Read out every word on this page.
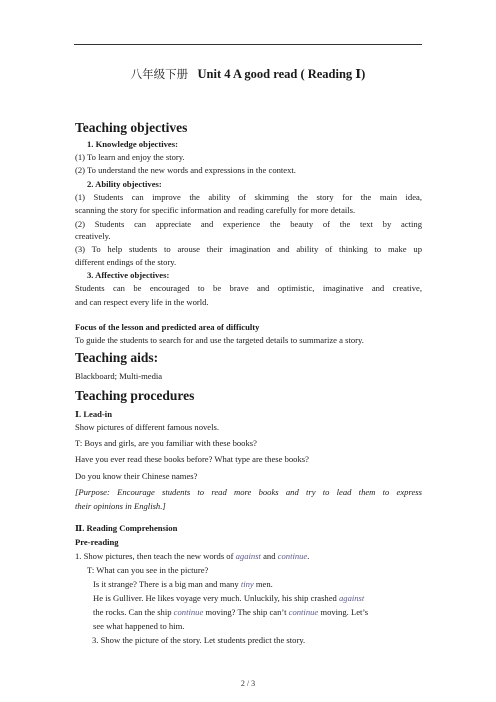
八年级下册 Unit 4 A good read ( Reading Ⅰ)
Teaching objectives
1. Knowledge objectives:
(1) To learn and enjoy the story.
(2) To understand the new words and expressions in the context.
2. Ability objectives:
(1) Students can improve the ability of skimming the story for the main idea,
scanning the story for specific information and reading carefully for more details.
(2) Students can appreciate and experience the beauty of the text by acting
creatively.
(3) To help students to arouse their imagination and ability of thinking to make up
different endings of the story.
3. Affective objectives:
Students can be encouraged to be brave and optimistic, imaginative and creative,
and can respect every life in the world.
Focus of the lesson and predicted area of difficulty
To guide the students to search for and use the targeted details to summarize a story.
Teaching aids:
Blackboard; Multi-media
Teaching procedures
Ⅰ. Lead-in
Show pictures of different famous novels.
T: Boys and girls, are you familiar with these books?
Have you ever read these books before? What type are these books?
Do you know their Chinese names?
[Purpose: Encourage students to read more books and try to lead them to express
their opinions in English.]
Ⅱ. Reading Comprehension
Pre-reading
1. Show pictures, then teach the new words of against and continue.
T: What can you see in the picture?
Is it strange? There is a big man and many tiny men.
He is Gulliver. He likes voyage very much. Unluckily, his ship crashed against
the rocks. Can the ship continue moving? The ship can’t continue moving. Let’s
see what happened to him.
3. Show the picture of the story. Let students predict the story.
2 / 3
